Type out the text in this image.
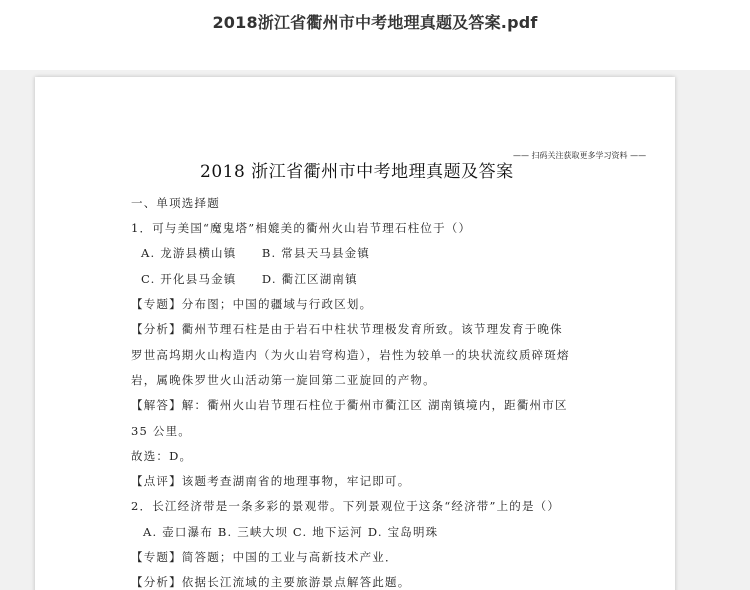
2018浙江省衢州市中考地理真题及答案.pdf
—— 扫码关注获取更多学习资料 ——
2018 浙江省衢州市中考地理真题及答案
一、单项选择题
1．可与美国“魔鬼塔”相媲美的衢州火山岩节理石柱位于（）
A. 龙游县横山镇　　B. 常县天马县金镇
C. 开化县马金镇　　D. 衢江区湖南镇
【专题】分布图；中国的疆域与行政区划。
【分析】衢州节理石柱是由于岩石中柱状节理极发育所致。该节理发育于晚侏
罗世高坞期火山构造内（为火山岩穹构造），岩性为较单一的块状流纹质碎斑熔
岩，属晚侏罗世火山活动第一旋回第二亚旋回的产物。
【解答】解：衢州火山岩节理石柱位于衢州市衢江区 湖南镇境内，距衢州市区
35 公里。
故选：D。
【点评】该题考查湖南省的地理事物，牢记即可。
2．长江经济带是一条多彩的景观带。下列景观位于这条“经济带”上的是（）
A. 壶口瀑布 B. 三峡大坝 C. 地下运河 D. 宝岛明珠
【专题】简答题；中国的工业与高新技术产业．
【分析】依据长江流域的主要旅游景点解答此题。
